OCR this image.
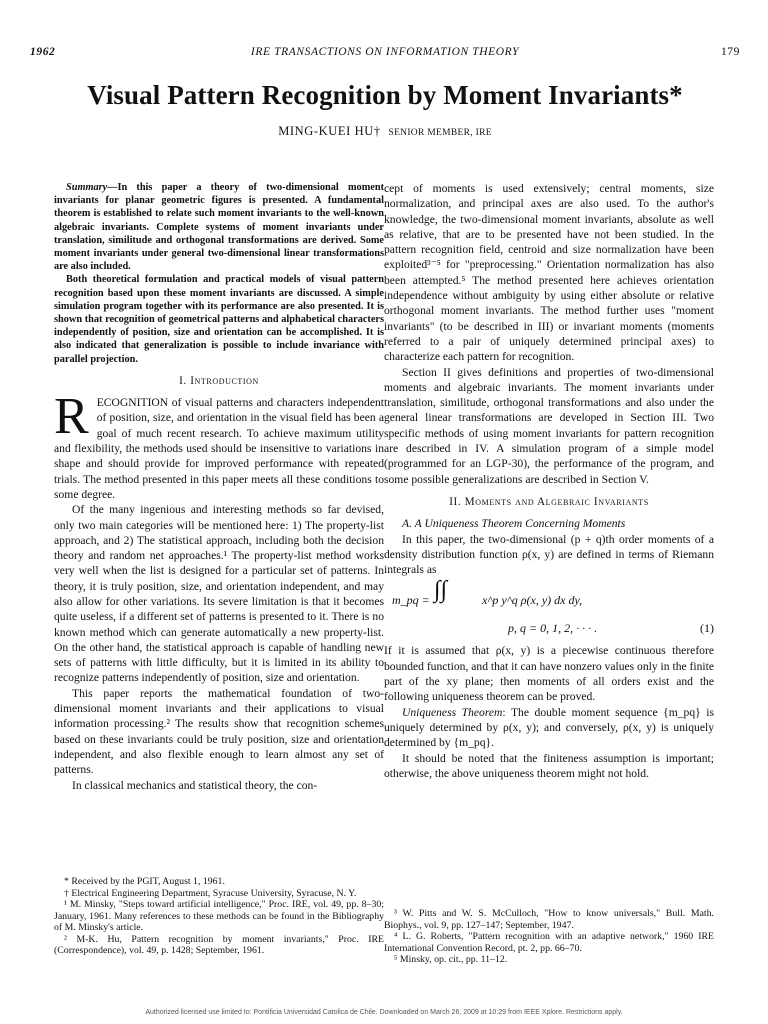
1962	IRE TRANSACTIONS ON INFORMATION THEORY	179
Visual Pattern Recognition by Moment Invariants*
MING-KUEI HU† SENIOR MEMBER, IRE

Summary—In this paper a theory of two-dimensional moment invariants for planar geometric figures is presented. A fundamental theorem is established to relate such moment invariants to the well-known algebraic invariants. Complete systems of moment invariants under translation, similitude and orthogonal transformations are derived. Some moment invariants under general two-dimensional linear transformations are also included.

Both theoretical formulation and practical models of visual pattern recognition based upon these moment invariants are discussed. A simple simulation program together with its performance are also presented. It is shown that recognition of geometrical patterns and alphabetical characters independently of position, size and orientation can be accomplished. It is also indicated that generalization is possible to include invariance with parallel projection.

I. Introduction

RECOGNITION of visual patterns and characters independent of position, size, and orientation in the visual field has been a goal of much recent research. To achieve maximum utility and flexibility, the methods used should be insensitive to variations in shape and should provide for improved performance with repeated trials. The method presented in this paper meets all these conditions to some degree.

Of the many ingenious and interesting methods so far devised, only two main categories will be mentioned here: 1) The property-list approach, and 2) The statistical approach, including both the decision theory and random net approaches.¹ The property-list method works very well when the list is designed for a particular set of patterns. In theory, it is truly position, size, and orientation independent, and may also allow for other variations. Its severe limitation is that it becomes quite useless, if a different set of patterns is presented to it. There is no known method which can generate automatically a new property-list. On the other hand, the statistical approach is capable of handling new sets of patterns with little difficulty, but it is limited in its ability to recognize patterns independently of position, size and orientation.

This paper reports the mathematical foundation of two-dimensional moment invariants and their applications to visual information processing.² The results show that recognition schemes based on these invariants could be truly position, size and orientation independent, and also flexible enough to learn almost any set of patterns.

In classical mechanics and statistical theory, the con-

cept of moments is used extensively; central moments, size normalization, and principal axes are also used. To the author's knowledge, the two-dimensional moment invariants, absolute as well as relative, that are to be presented have not been studied. In the pattern recognition field, centroid and size normalization have been exploited³⁻⁵ for "preprocessing." Orientation normalization has also been attempted.⁵ The method presented here achieves orientation independence without ambiguity by using either absolute or relative orthogonal moment invariants. The method further uses "moment invariants" (to be described in III) or invariant moments (moments referred to a pair of uniquely determined principal axes) to characterize each pattern for recognition.

Section II gives definitions and properties of two-dimensional moments and algebraic invariants. The moment invariants under translation, similitude, orthogonal transformations and also under the general linear transformations are developed in Section III. Two specific methods of using moment invariants for pattern recognition are described in IV. A simulation program of a simple model (programmed for an LGP-30), the performance of the program, and some possible generalizations are described in Section V.

II. Moments and Algebraic Invariants

A. A Uniqueness Theorem Concerning Moments

In this paper, the two-dimensional (p + q)th order moments of a density distribution function ρ(x, y) are defined in terms of Riemann integrals as

m_pq = ∫∫	x^p y^q ρ(x, y) dx dy,
p, q = 0, 1, 2, · · · .	(1)

If it is assumed that ρ(x, y) is a piecewise continuous therefore bounded function, and that it can have nonzero values only in the finite part of the xy plane; then moments of all orders exist and the following uniqueness theorem can be proved.

Uniqueness Theorem: The double moment sequence {m_pq} is uniquely determined by ρ(x, y); and conversely, ρ(x, y) is uniquely determined by {m_pq}.

It should be noted that the finiteness assumption is important; otherwise, the above uniqueness theorem might not hold.

* Received by the PGIT, August 1, 1961.

† Electrical Engineering Department, Syracuse University, Syracuse, N. Y.

¹ M. Minsky, "Steps toward artificial intelligence," Proc. IRE, vol. 49, pp. 8–30; January, 1961. Many references to these methods can be found in the Bibliography of M. Minsky's article.

² M-K. Hu, Pattern recognition by moment invariants," Proc. IRE (Correspondence), vol. 49, p. 1428; September, 1961.

³ W. Pitts and W. S. McCulloch, "How to know universals," Bull. Math. Biophys., vol. 9, pp. 127–147; September, 1947.

⁴ L. G. Roberts, "Pattern recognition with an adaptive network," 1960 IRE International Convention Record, pt. 2, pp. 66–70.

⁵ Minsky, op. cit., pp. 11–12.

Authorized licensed use limited to: Pontificia Universidad Catolica de Chile. Downloaded on March 26, 2009 at 10:29 from IEEE Xplore. Restrictions apply.
